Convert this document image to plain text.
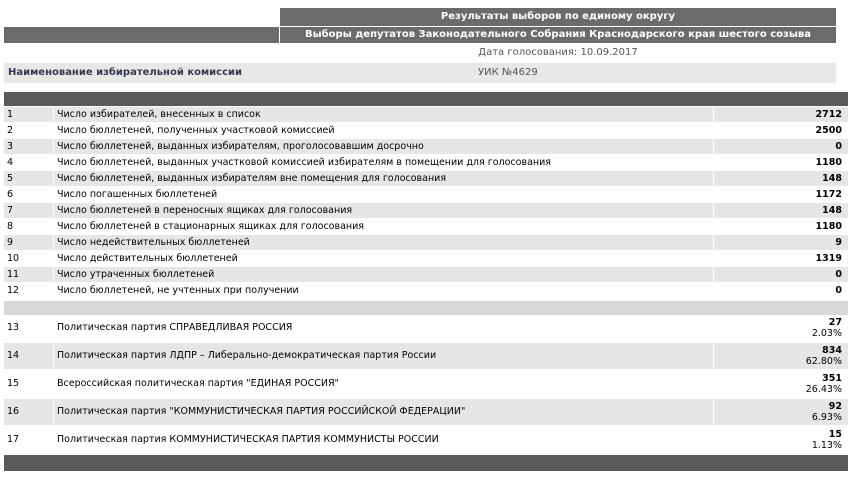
Результаты выборов по единому округу
Выборы депутатов Законодательного Собрания Краснодарского края шестого созыва
Дата голосования: 10.09.2017
Наименование избирательной комиссии	УИК №4629
1	Число избирателей, внесенных в список	2712
2	Число бюллетеней, полученных участковой комиссией	2500
3	Число бюллетеней, выданных избирателям, проголосовавшим досрочно	0
4	Число бюллетеней, выданных участковой комиссией избирателям в помещении для голосования	1180
5	Число бюллетеней, выданных избирателям вне помещения для голосования	148
6	Число погашенных бюллетеней	1172
7	Число бюллетеней в переносных ящиках для голосования	148
8	Число бюллетеней в стационарных ящиках для голосования	1180
9	Число недействительных бюллетеней	9
10	Число действительных бюллетеней	1319
11	Число утраченных бюллетеней	0
12	Число бюллетеней, не учтенных при получении	0
13	Политическая партия СПРАВЕДЛИВАЯ РОССИЯ	27
2.03%
14	Политическая партия ЛДПР – Либерально-демократическая партия России	834
62.80%
15	Всероссийская политическая партия "ЕДИНАЯ РОССИЯ"	351
26.43%
16	Политическая партия "КОММУНИСТИЧЕСКАЯ ПАРТИЯ РОССИЙСКОЙ ФЕДЕРАЦИИ"	92
6.93%
17	Политическая партия КОММУНИСТИЧЕСКАЯ ПАРТИЯ КОММУНИСТЫ РОССИИ	15
1.13%
